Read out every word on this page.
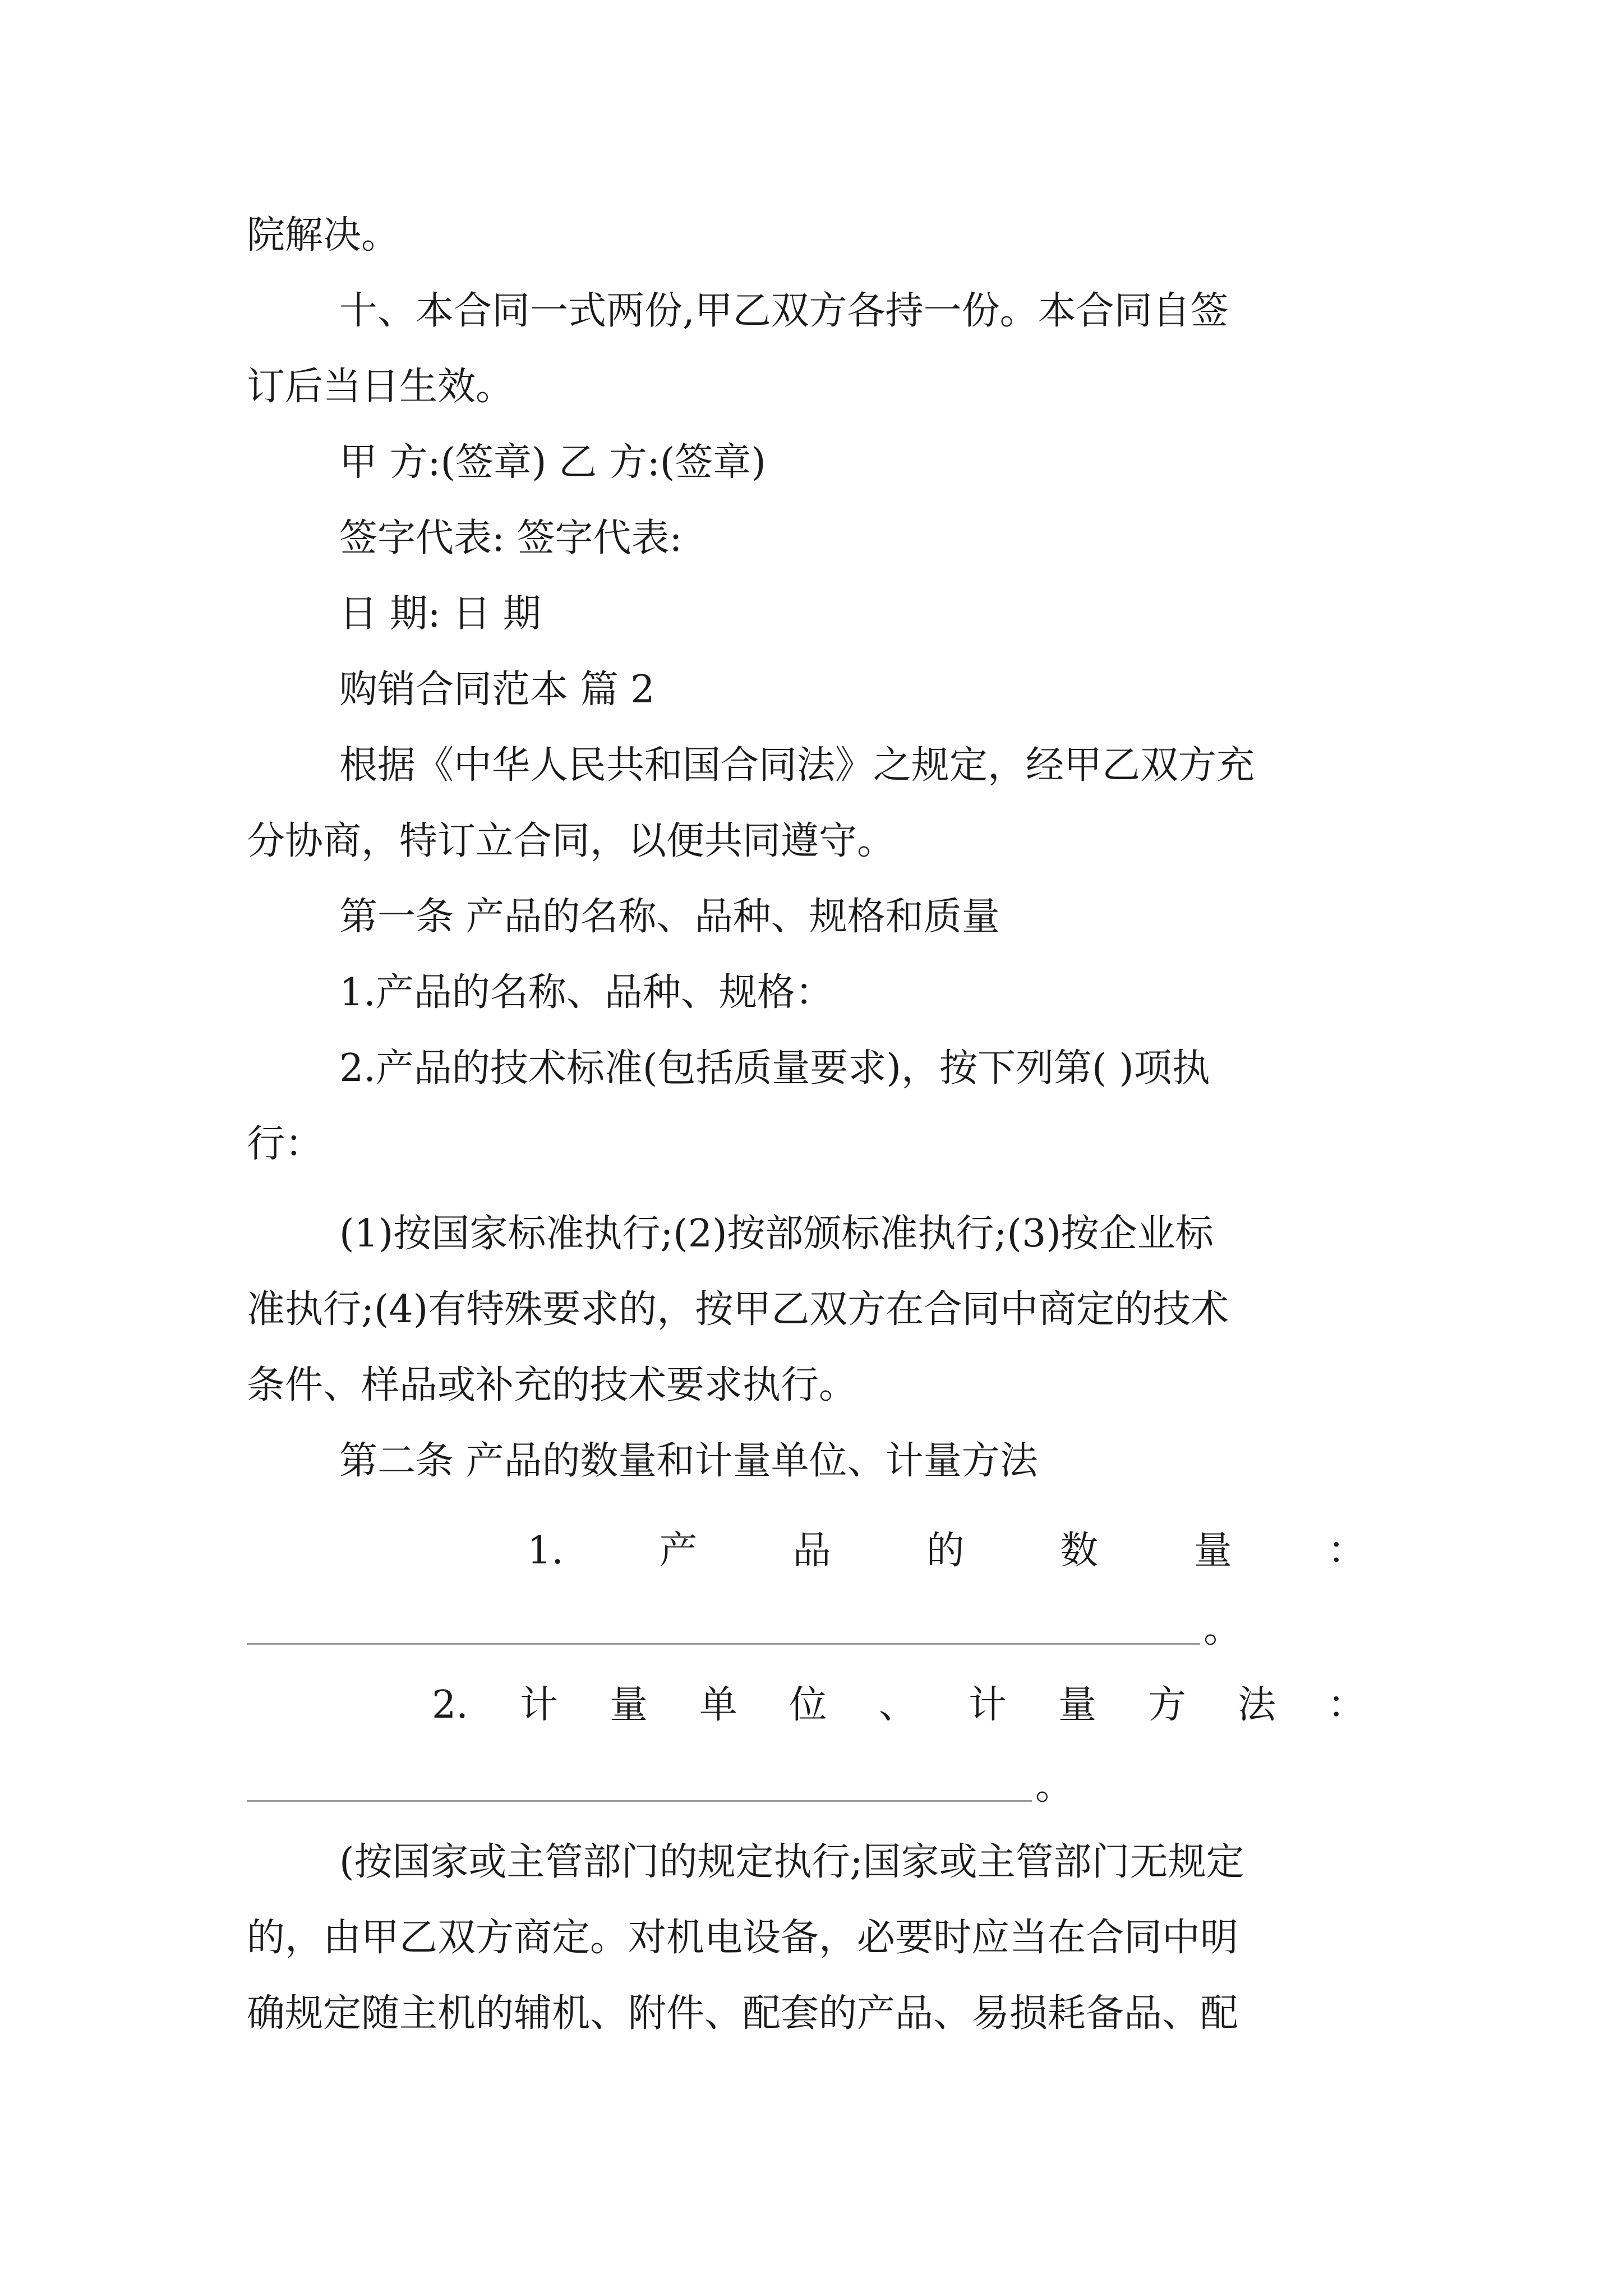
院解决。
十、本合同一式两份,甲乙双方各持一份。本合同自签
订后当日生效。
甲 方:(签章) 乙 方:(签章)
签字代表: 签字代表:
日 期: 日 期
购销合同范本 篇 2
根据《中华人民共和国合同法》之规定，经甲乙双方充
分协商，特订立合同，以便共同遵守。
第一条 产品的名称、品种、规格和质量
1.产品的名称、品种、规格：
2.产品的技术标准(包括质量要求)，按下列第( )项执
行：
(1)按国家标准执行;(2)按部颁标准执行;(3)按企业标
准执行;(4)有特殊要求的，按甲乙双方在合同中商定的技术
条件、样品或补充的技术要求执行。
第二条 产品的数量和计量单位、计量方法
1.	产	品	的	数	量	：
。
2. 计 量 单 位 、 计 量 方 法 ：
。
(按国家或主管部门的规定执行;国家或主管部门无规定
的，由甲乙双方商定。对机电设备，必要时应当在合同中明
确规定随主机的辅机、附件、配套的产品、易损耗备品、配
